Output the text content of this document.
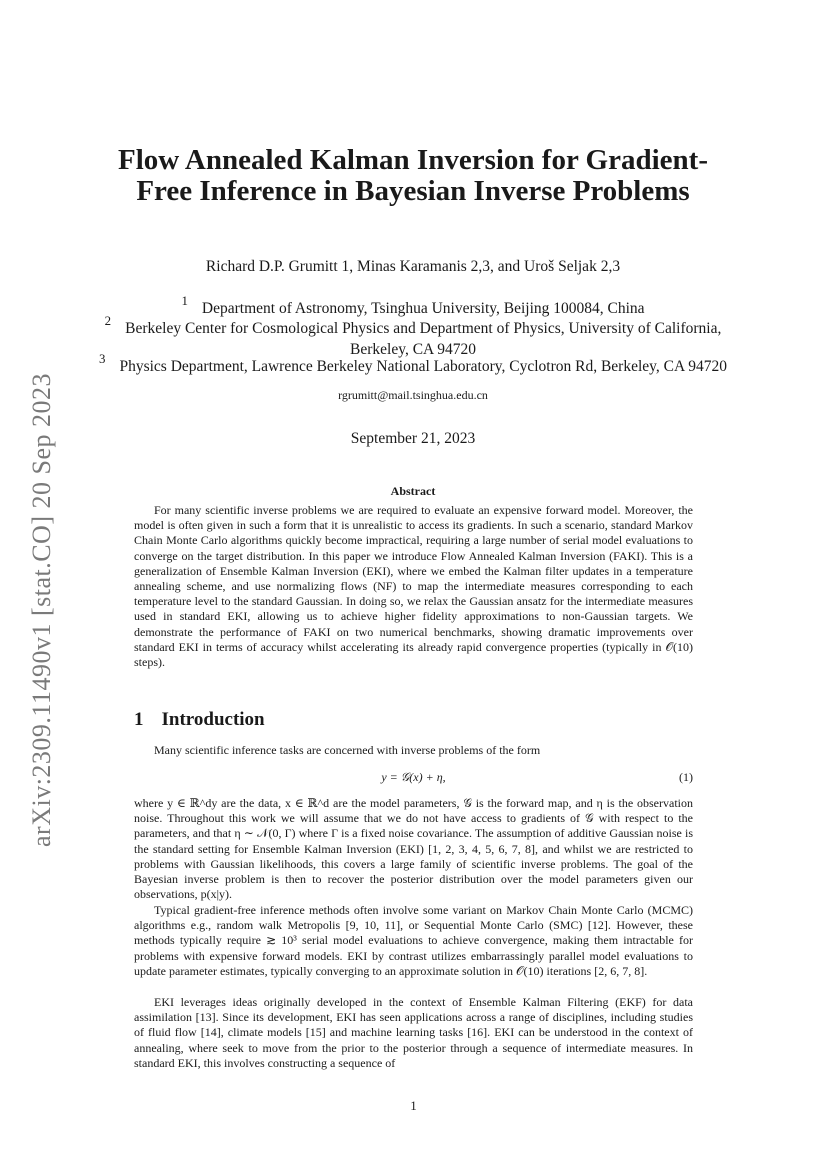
arXiv:2309.11490v1 [stat.CO] 20 Sep 2023
Flow Annealed Kalman Inversion for Gradient-Free Inference in Bayesian Inverse Problems
Richard D.P. Grumitt 1, Minas Karamanis 2,3, and Uroš Seljak 2,3
$^1$ Department of Astronomy, Tsinghua University, Beijing 100084, China
$^2$ Berkeley Center for Cosmological Physics and Department of Physics, University of California, Berkeley, CA 94720
$^3$ Physics Department, Lawrence Berkeley National Laboratory, Cyclotron Rd, Berkeley, CA 94720
rgrumitt@mail.tsinghua.edu.cn
September 21, 2023
Abstract

For many scientific inverse problems we are required to evaluate an expensive forward model. Moreover, the model is often given in such a form that it is unrealistic to access its gradients. In such a scenario, standard Markov Chain Monte Carlo algorithms quickly become impractical, requiring a large number of serial model evaluations to converge on the target distribution. In this paper we introduce Flow Annealed Kalman Inversion (FAKI). This is a generalization of Ensemble Kalman Inversion (EKI), where we embed the Kalman filter updates in a temperature annealing scheme, and use normalizing flows (NF) to map the intermediate measures corresponding to each temperature level to the standard Gaussian. In doing so, we relax the Gaussian ansatz for the intermediate measures used in standard EKI, allowing us to achieve higher fidelity approximations to non-Gaussian targets. We demonstrate the performance of FAKI on two numerical benchmarks, showing dramatic improvements over standard EKI in terms of accuracy whilst accelerating its already rapid convergence properties (typically in 𝒪(10) steps).

1 Introduction

Many scientific inference tasks are concerned with inverse problems of the form

y = 𝒢(x) + η,	(1)

where y ∈ ℝ^dy are the data, x ∈ ℝ^d are the model parameters, 𝒢 is the forward map, and η is the observation noise. Throughout this work we will assume that we do not have access to gradients of 𝒢 with respect to the parameters, and that η ∼ 𝒩(0, Γ) where Γ is a fixed noise covariance. The assumption of additive Gaussian noise is the standard setting for Ensemble Kalman Inversion (EKI) [1, 2, 3, 4, 5, 6, 7, 8], and whilst we are restricted to problems with Gaussian likelihoods, this covers a large family of scientific inverse problems. The goal of the Bayesian inverse problem is then to recover the posterior distribution over the model parameters given our observations, p(x|y).

Typical gradient-free inference methods often involve some variant on Markov Chain Monte Carlo (MCMC) algorithms e.g., random walk Metropolis [9, 10, 11], or Sequential Monte Carlo (SMC) [12]. However, these methods typically require ≳ 10³ serial model evaluations to achieve convergence, making them intractable for problems with expensive forward models. EKI by contrast utilizes embarrassingly parallel model evaluations to update parameter estimates, typically converging to an approximate solution in 𝒪(10) iterations [2, 6, 7, 8].

EKI leverages ideas originally developed in the context of Ensemble Kalman Filtering (EKF) for data assimilation [13]. Since its development, EKI has seen applications across a range of disciplines, including studies of fluid flow [14], climate models [15] and machine learning tasks [16]. EKI can be understood in the context of annealing, where seek to move from the prior to the posterior through a sequence of intermediate measures. In standard EKI, this involves constructing a sequence of

1
